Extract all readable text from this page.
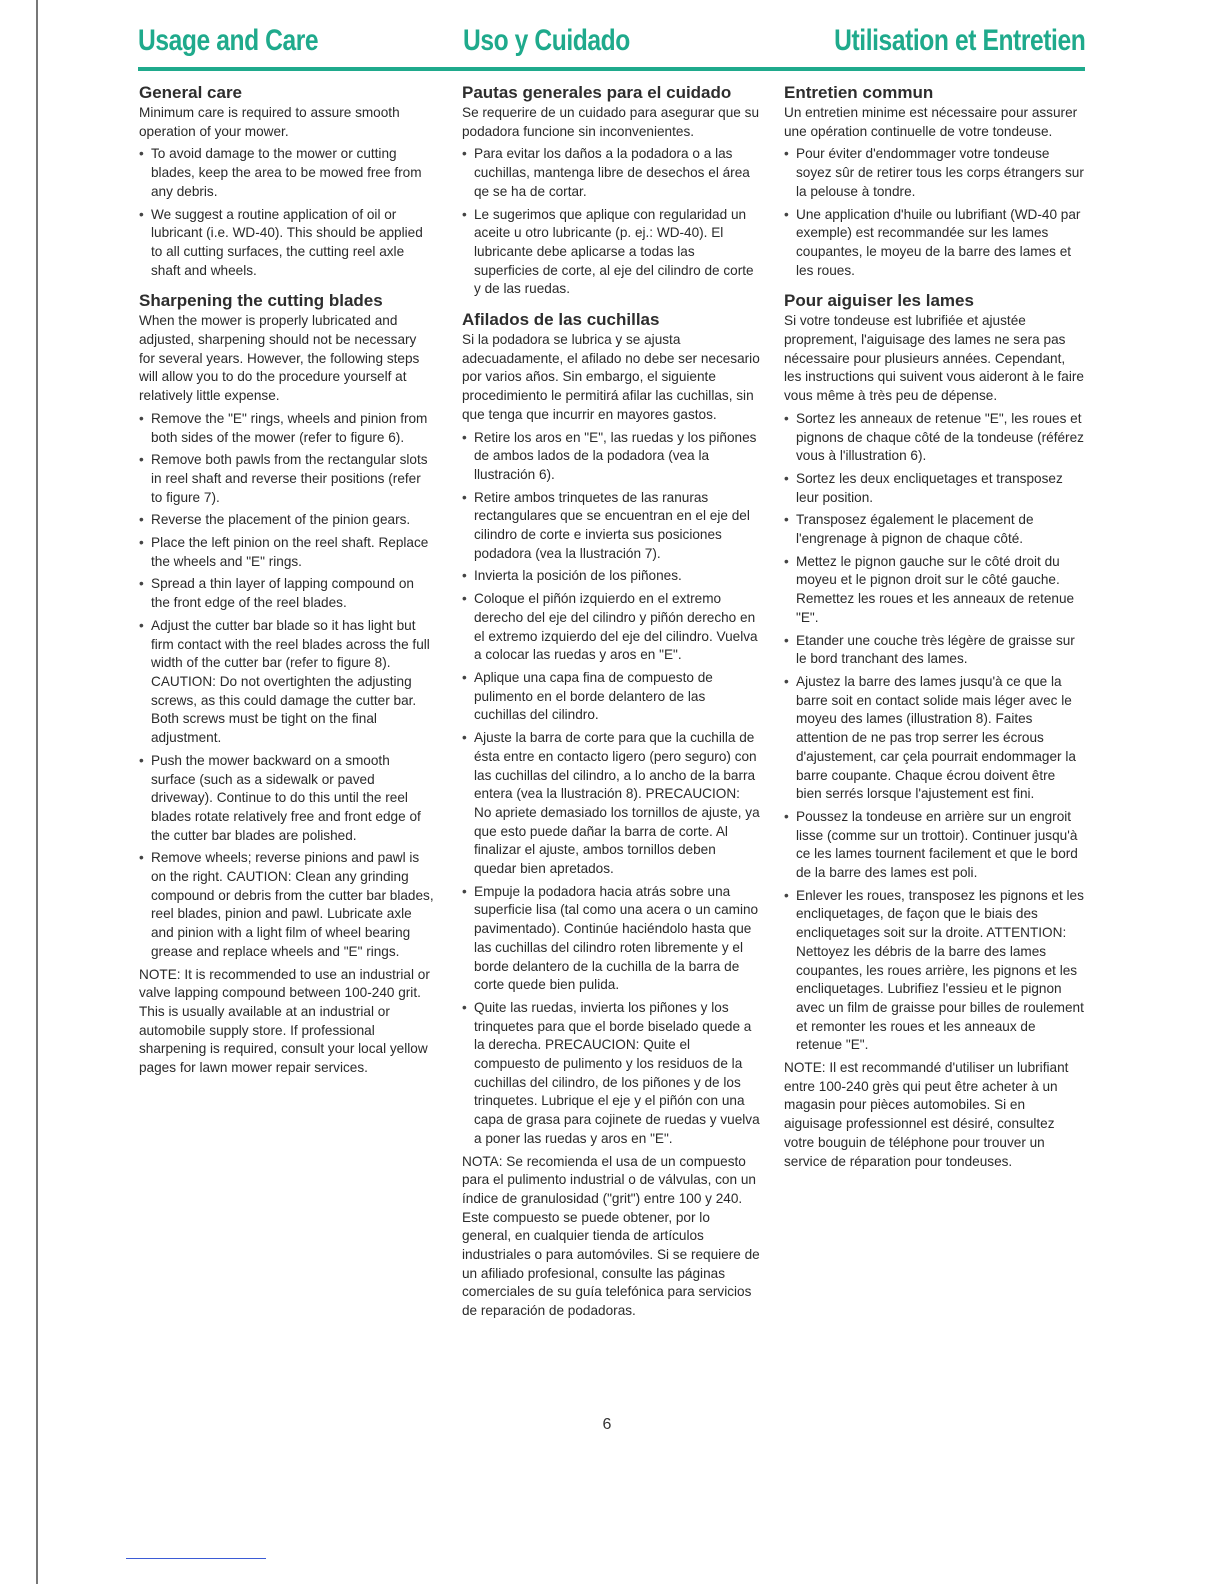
Usage and Care	Uso y Cuidado	Utilisation et Entretien
General care

Minimum care is required to assure smooth operation of your mower.

• To avoid damage to the mower or cutting blades, keep the area to be mowed free from any debris.
• We suggest a routine application of oil or lubricant (i.e. WD-40). This should be applied to all cutting surfaces, the cutting reel axle shaft and wheels.
Sharpening the cutting blades

When the mower is properly lubricated and adjusted, sharpening should not be necessary for several years. However, the following steps will allow you to do the procedure yourself at relatively little expense.

• Remove the "E" rings, wheels and pinion from both sides of the mower (refer to figure 6).
• Remove both pawls from the rectangular slots in reel shaft and reverse their positions (refer to figure 7).
• Reverse the placement of the pinion gears.
• Place the left pinion on the reel shaft. Replace the wheels and "E" rings.
• Spread a thin layer of lapping compound on the front edge of the reel blades.
• Adjust the cutter bar blade so it has light but firm contact with the reel blades across the full width of the cutter bar (refer to figure 8). CAUTION: Do not overtighten the adjusting screws, as this could damage the cutter bar. Both screws must be tight on the final adjustment.
• Push the mower backward on a smooth surface (such as a sidewalk or paved driveway). Continue to do this until the reel blades rotate relatively free and front edge of the cutter bar blades are polished.
• Remove wheels; reverse pinions and pawl is on the right. CAUTION: Clean any grinding compound or debris from the cutter bar blades, reel blades, pinion and pawl. Lubricate axle and pinion with a light film of wheel bearing grease and replace wheels and "E" rings.

NOTE: It is recommended to use an industrial or valve lapping compound between 100-240 grit. This is usually available at an industrial or automobile supply store. If professional sharpening is required, consult your local yellow pages for lawn mower repair services.

Pautas generales para el cuidado

Se requerire de un cuidado para asegurar que su podadora funcione sin inconvenientes.

• Para evitar los daños a la podadora o a las cuchillas, mantenga libre de desechos el área qe se ha de cortar.
• Le sugerimos que aplique con regularidad un aceite u otro lubricante (p. ej.: WD-40). El lubricante debe aplicarse a todas las superficies de corte, al eje del cilindro de corte y de las ruedas.
Afilados de las cuchillas

Si la podadora se lubrica y se ajusta adecuadamente, el afilado no debe ser necesario por varios años. Sin embargo, el siguiente procedimiento le permitirá afilar las cuchillas, sin que tenga que incurrir en mayores gastos.

• Retire los aros en "E", las ruedas y los piñones de ambos lados de la podadora (vea la llustración 6).
• Retire ambos trinquetes de las ranuras rectangulares que se encuentran en el eje del cilindro de corte e invierta sus posiciones podadora (vea la llustración 7).
• Invierta la posición de los piñones.
• Coloque el piñón izquierdo en el extremo derecho del eje del cilindro y piñón derecho en el extremo izquierdo del eje del cilindro. Vuelva a colocar las ruedas y aros en "E".
• Aplique una capa fina de compuesto de pulimento en el borde delantero de las cuchillas del cilindro.
• Ajuste la barra de corte para que la cuchilla de ésta entre en contacto ligero (pero seguro) con las cuchillas del cilindro, a lo ancho de la barra entera (vea la llustración 8). PRECAUCION: No apriete demasiado los tornillos de ajuste, ya que esto puede dañar la barra de corte. Al finalizar el ajuste, ambos tornillos deben quedar bien apretados.
• Empuje la podadora hacia atrás sobre una superficie lisa (tal como una acera o un camino pavimentado). Continúe haciéndolo hasta que las cuchillas del cilindro roten libremente y el borde delantero de la cuchilla de la barra de corte quede bien pulida.
• Quite las ruedas, invierta los piñones y los trinquetes para que el borde biselado quede a la derecha. PRECAUCION: Quite el compuesto de pulimento y los residuos de la cuchillas del cilindro, de los piñones y de los trinquetes. Lubrique el eje y el piñón con una capa de grasa para cojinete de ruedas y vuelva a poner las ruedas y aros en "E".

NOTA: Se recomienda el usa de un compuesto para el pulimento industrial o de válvulas, con un índice de granulosidad ("grit") entre 100 y 240. Este compuesto se puede obtener, por lo general, en cualquier tienda de artículos industriales o para automóviles. Si se requiere de un afiliado profesional, consulte las páginas comerciales de su guía telefónica para servicios de reparación de podadoras.

Entretien commun

Un entretien minime est nécessaire pour assurer une opération continuelle de votre tondeuse.

• Pour éviter d'endommager votre tondeuse soyez sûr de retirer tous les corps étrangers sur la pelouse à tondre.
• Une application d'huile ou lubrifiant (WD-40 par exemple) est recommandée sur les lames coupantes, le moyeu de la barre des lames et les roues.
Pour aiguiser les lames

Si votre tondeuse est lubrifiée et ajustée proprement, l'aiguisage des lames ne sera pas nécessaire pour plusieurs années. Cependant, les instructions qui suivent vous aideront à le faire vous même à très peu de dépense.

• Sortez les anneaux de retenue "E", les roues et pignons de chaque côté de la tondeuse (référez vous à l'illustration 6).
• Sortez les deux encliquetages et transposez leur position.
• Transposez également le placement de l'engrenage à pignon de chaque côté.
• Mettez le pignon gauche sur le côté droit du moyeu et le pignon droit sur le côté gauche. Remettez les roues et les anneaux de retenue "E".
• Etander une couche très légère de graisse sur le bord tranchant des lames.
• Ajustez la barre des lames jusqu'à ce que la barre soit en contact solide mais léger avec le moyeu des lames (illustration 8). Faites attention de ne pas trop serrer les écrous d'ajustement, car çela pourrait endommager la barre coupante. Chaque écrou doivent être bien serrés lorsque l'ajustement est fini.
• Poussez la tondeuse en arrière sur un engroit lisse (comme sur un trottoir). Continuer jusqu'à ce les lames tournent facilement et que le bord de la barre des lames est poli.
• Enlever les roues, transposez les pignons et les encliquetages, de façon que le biais des encliquetages soit sur la droite. ATTENTION: Nettoyez les débris de la barre des lames coupantes, les roues arrière, les pignons et les encliquetages. Lubrifiez l'essieu et le pignon avec un film de graisse pour billes de roulement et remonter les roues et les anneaux de retenue "E".

NOTE: Il est recommandé d'utiliser un lubrifiant entre 100-240 grès qui peut être acheter à un magasin pour pièces automobiles. Si en aiguisage professionnel est désiré, consultez votre bouguin de téléphone pour trouver un service de réparation pour tondeuses.

6
